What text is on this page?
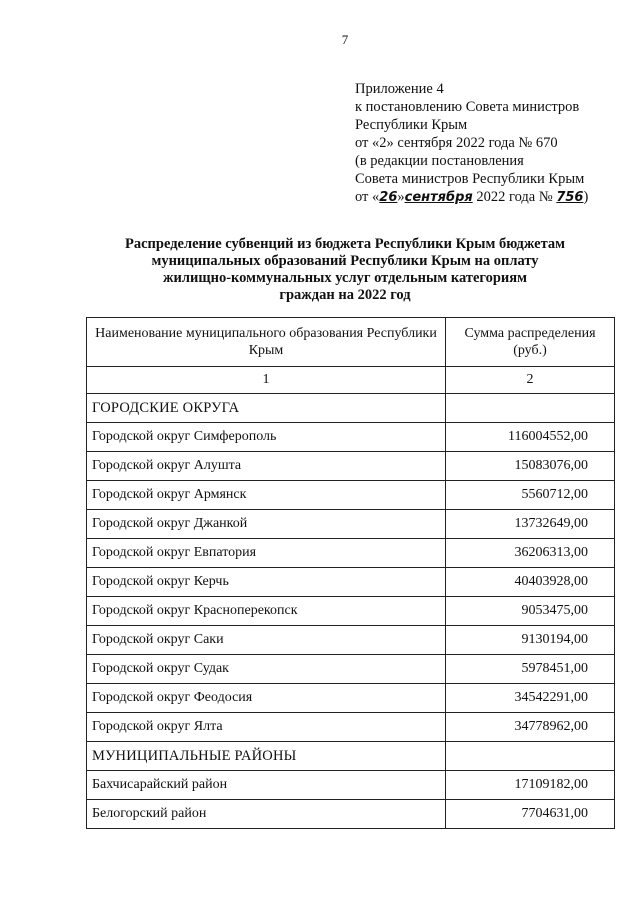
7
Приложение 4
к постановлению Совета министров
Республики Крым
от «2» сентября 2022 года № 670
(в редакции постановления
Совета министров Республики Крым
от «26»сентября 2022 года № 756)
Распределение субвенций из бюджета Республики Крым бюджетам
муниципальных образований Республики Крым на оплату
жилищно-коммунальных услуг отдельным категориям
граждан на 2022 год
Наименование муниципального образования Республики Крым	Сумма распределения (руб.)
1	2
ГОРОДСКИЕ ОКРУГА	
Городской округ Симферополь	116004552,00
Городской округ Алушта	15083076,00
Городской округ Армянск	5560712,00
Городской округ Джанкой	13732649,00
Городской округ Евпатория	36206313,00
Городской округ Керчь	40403928,00
Городской округ Красноперекопск	9053475,00
Городской округ Саки	9130194,00
Городской округ Судак	5978451,00
Городской округ Феодосия	34542291,00
Городской округ Ялта	34778962,00
МУНИЦИПАЛЬНЫЕ РАЙОНЫ	
Бахчисарайский район	17109182,00
Белогорский район	7704631,00
